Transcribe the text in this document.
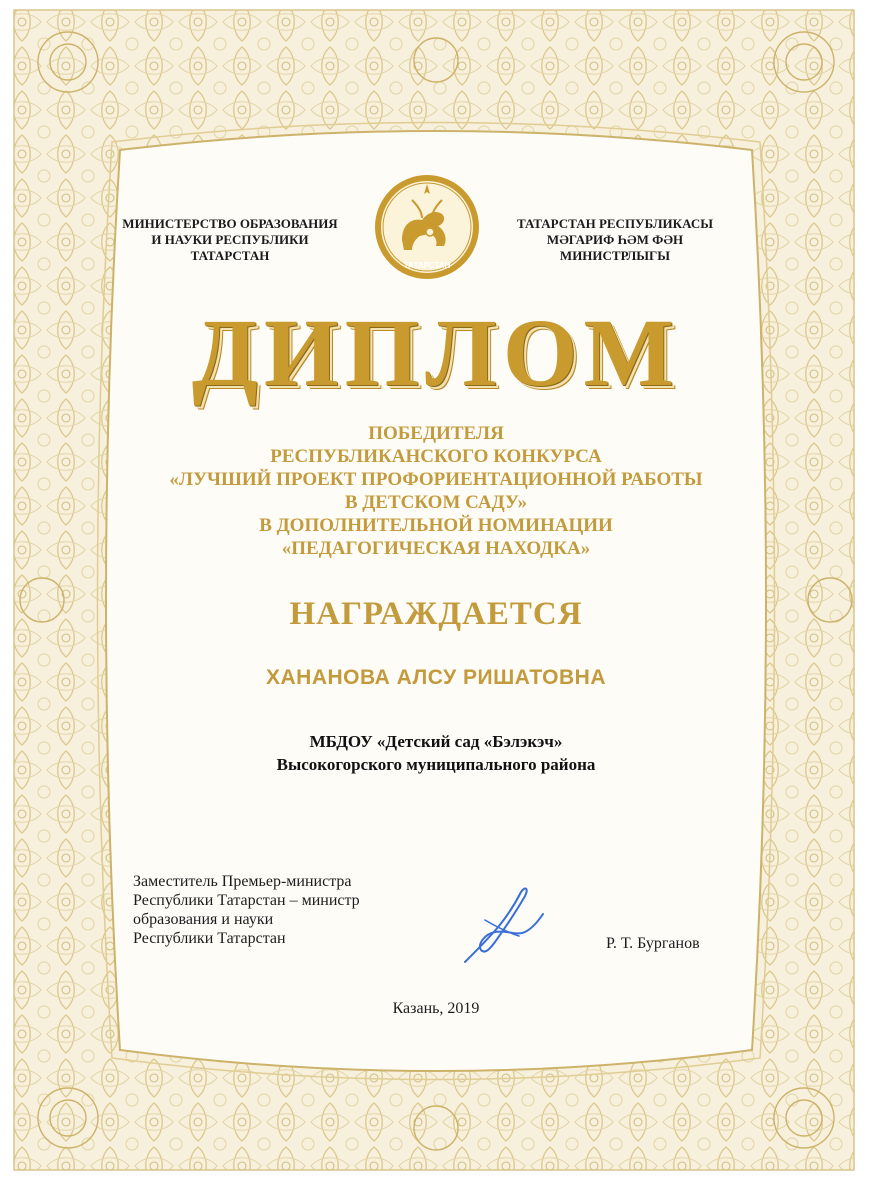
МИНИСТЕРСТВО ОБРАЗОВАНИЯ
И НАУКИ РЕСПУБЛИКИ
ТАТАРСТАН
ТАТАРСТАН РЕСПУБЛИКАСЫ
МӘГАРИФ ҺӘМ ФӘН
МИНИСТРЛЫГЫ
ТАТАРСТАН
ДИПЛОМ
ПОБЕДИТЕЛЯ
РЕСПУБЛИКАНСКОГО КОНКУРСА
«ЛУЧШИЙ ПРОЕКТ ПРОФОРИЕНТАЦИОННОЙ РАБОТЫ
В ДЕТСКОМ САДУ»
В ДОПОЛНИТЕЛЬНОЙ НОМИНАЦИИ
«ПЕДАГОГИЧЕСКАЯ НАХОДКА»
НАГРАЖДАЕТСЯ
ХАНАНОВА АЛСУ РИШАТОВНА
МБДОУ «Детский сад «Бэлэкэч»
Высокогорского муниципального района
Заместитель Премьер-министра
Республики Татарстан – министр
образования и науки
Республики Татарстан	Р. Т. Бурганов
Казань, 2019
